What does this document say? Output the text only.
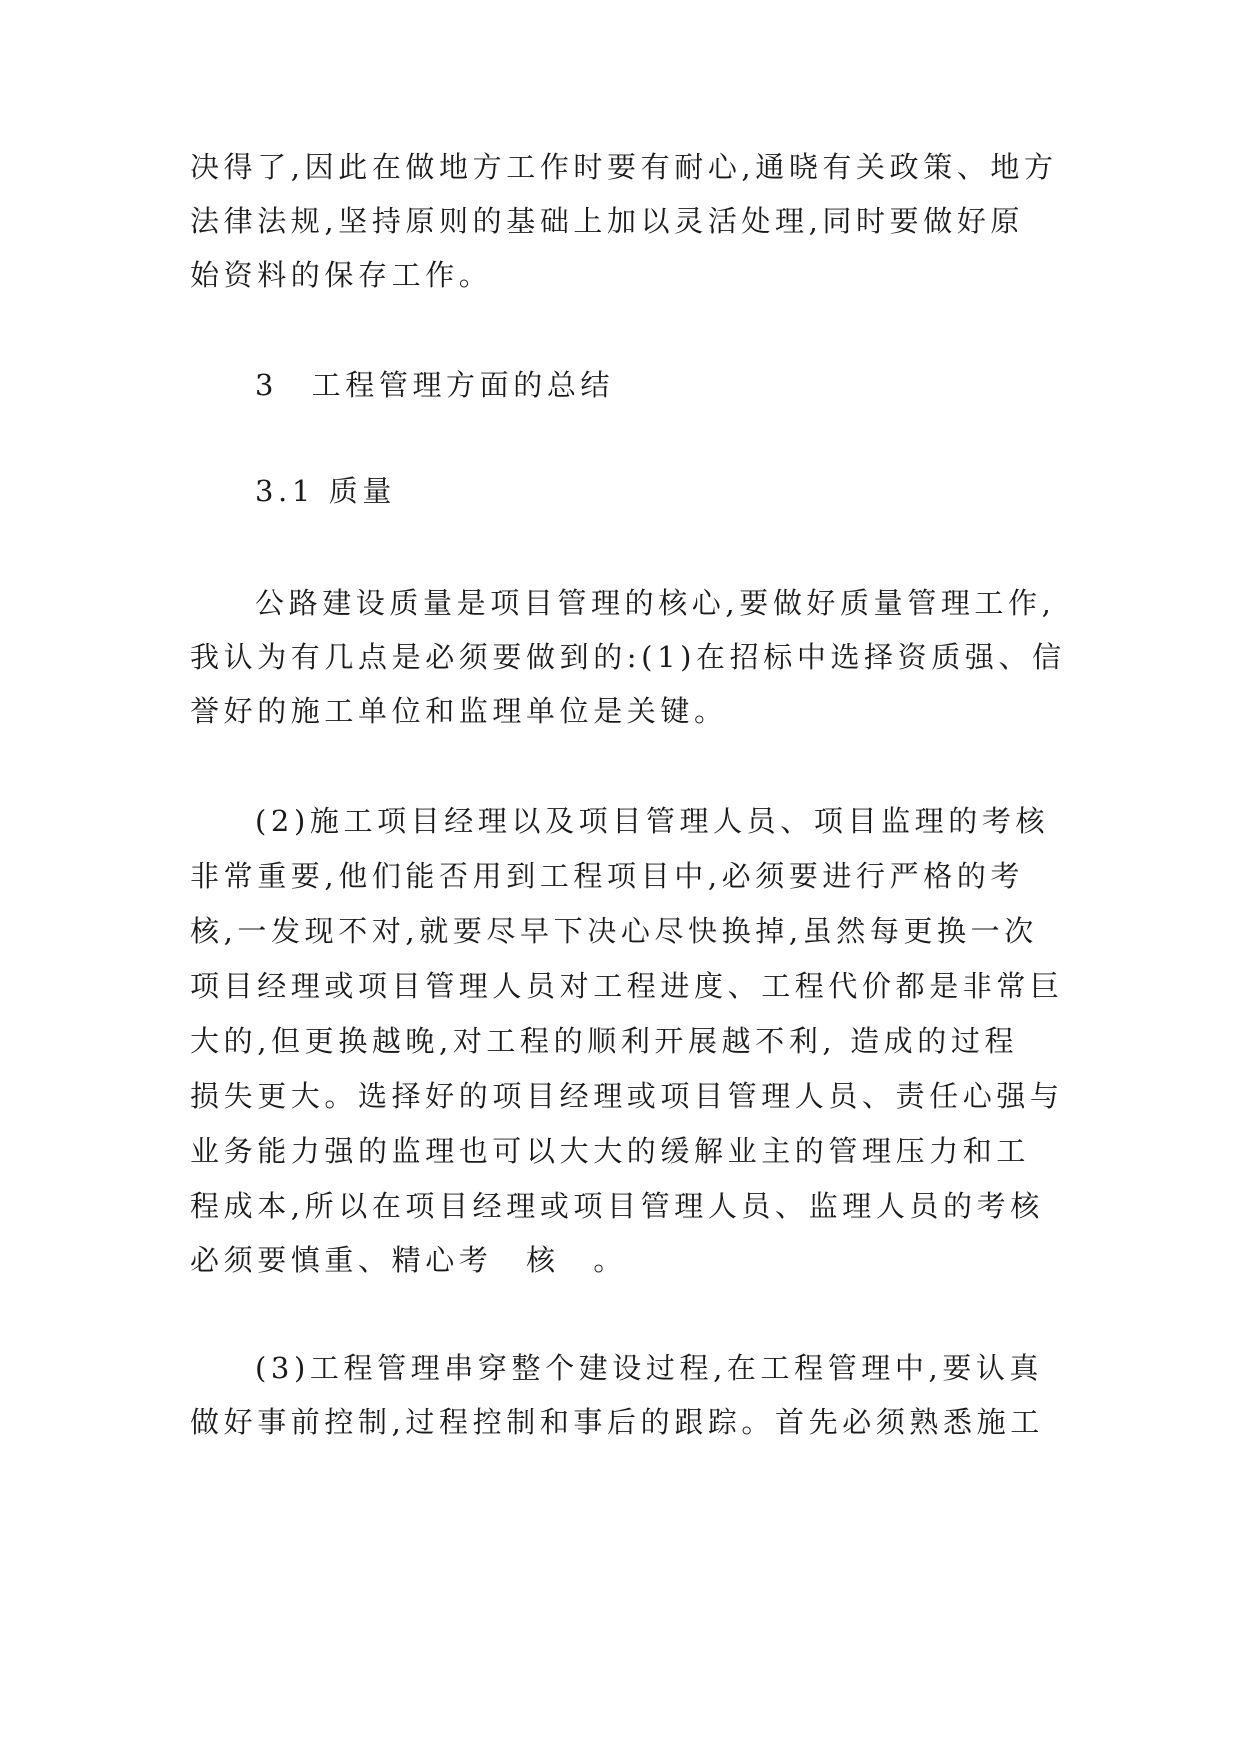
决得了,因此在做地方工作时要有耐心,通晓有关政策、地方
法律法规,坚持原则的基础上加以灵活处理,同时要做好原
始资料的保存工作。
3　工程管理方面的总结
3.1 质量
公路建设质量是项目管理的核心,要做好质量管理工作,
我认为有几点是必须要做到的:(1)在招标中选择资质强、信
誉好的施工单位和监理单位是关键。
(2)施工项目经理以及项目管理人员、项目监理的考核
非常重要,他们能否用到工程项目中,必须要进行严格的考
核,一发现不对,就要尽早下决心尽快换掉,虽然每更换一次
项目经理或项目管理人员对工程进度、工程代价都是非常巨
大的,但更换越晚,对工程的顺利开展越不利, 造成的过程
损失更大。选择好的项目经理或项目管理人员、责任心强与
业务能力强的监理也可以大大的缓解业主的管理压力和工
程成本,所以在项目经理或项目管理人员、监理人员的考核
必须要慎重、精心考　核　。
(3)工程管理串穿整个建设过程,在工程管理中,要认真
做好事前控制,过程控制和事后的跟踪。首先必须熟悉施工
